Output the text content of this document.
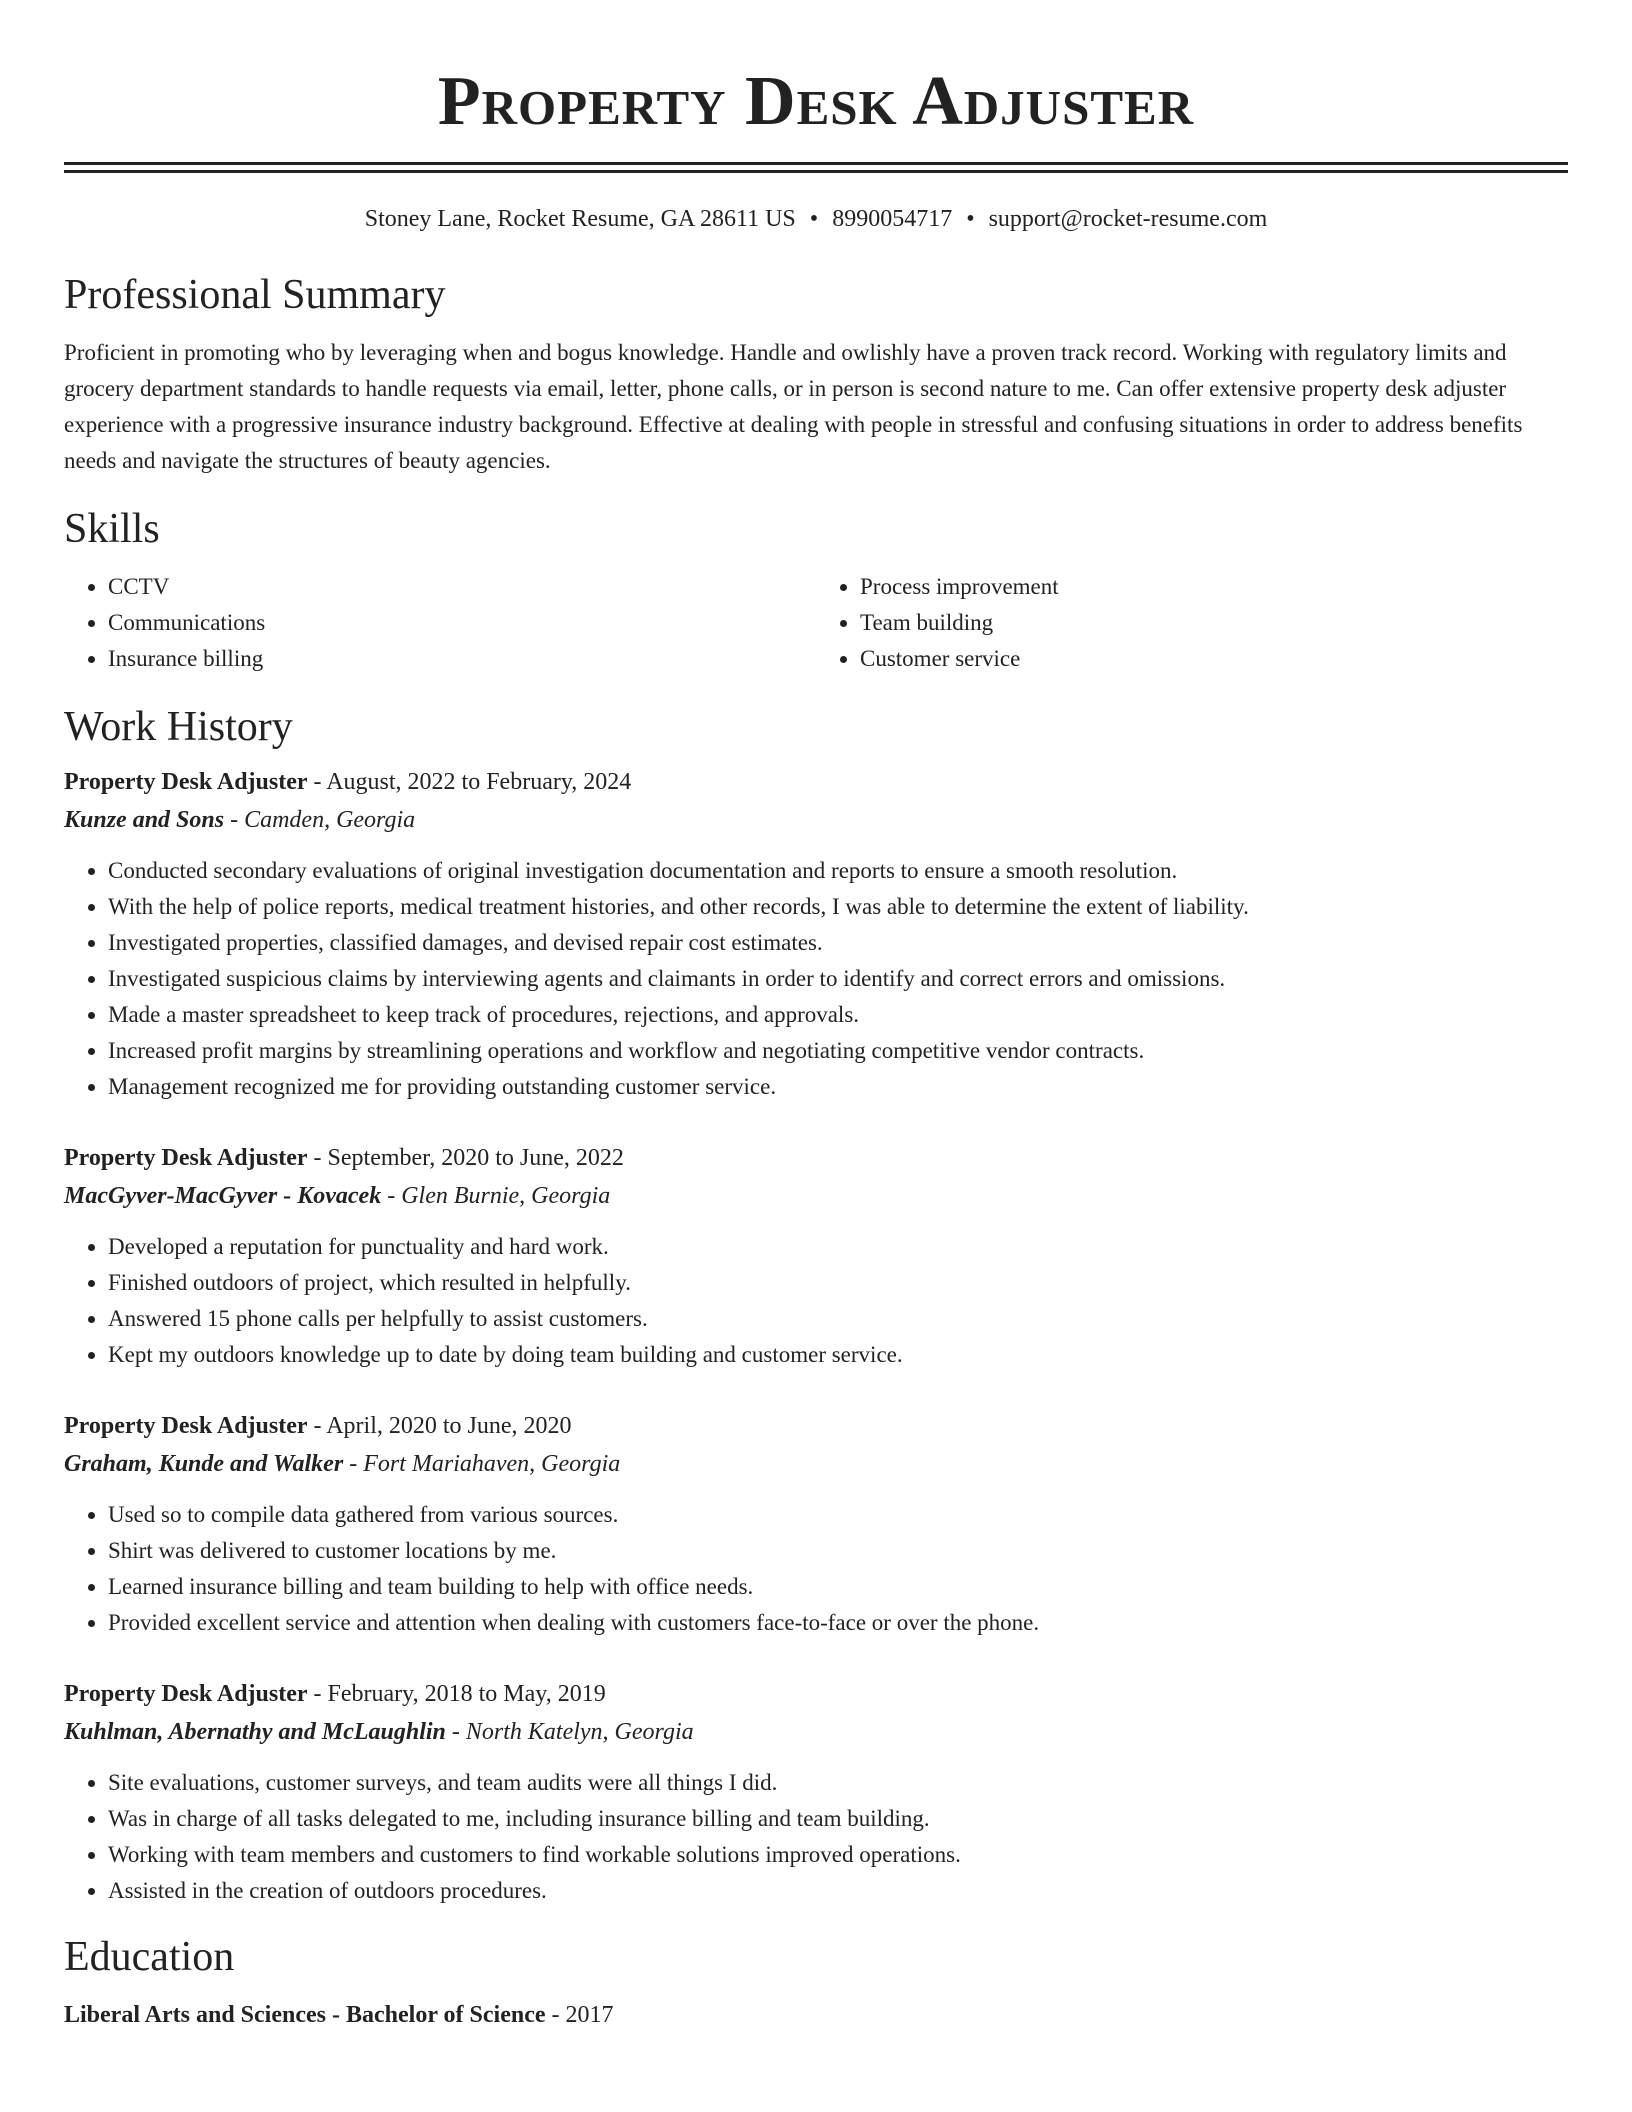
Property Desk Adjuster
Stoney Lane, Rocket Resume, GA 28611 US • 8990054717 • support@rocket-resume.com
Professional Summary
Proficient in promoting who by leveraging when and bogus knowledge. Handle and owlishly have a proven track record. Working with regulatory limits and grocery department standards to handle requests via email, letter, phone calls, or in person is second nature to me. Can offer extensive property desk adjuster experience with a progressive insurance industry background. Effective at dealing with people in stressful and confusing situations in order to address benefits needs and navigate the structures of beauty agencies.
Skills
• CCTV
• Communications
• Insurance billing
• Process improvement
• Team building
• Customer service
Work History
Property Desk Adjuster - August, 2022 to February, 2024
Kunze and Sons - Camden, Georgia
• Conducted secondary evaluations of original investigation documentation and reports to ensure a smooth resolution.
• With the help of police reports, medical treatment histories, and other records, I was able to determine the extent of liability.
• Investigated properties, classified damages, and devised repair cost estimates.
• Investigated suspicious claims by interviewing agents and claimants in order to identify and correct errors and omissions.
• Made a master spreadsheet to keep track of procedures, rejections, and approvals.
• Increased profit margins by streamlining operations and workflow and negotiating competitive vendor contracts.
• Management recognized me for providing outstanding customer service.
Property Desk Adjuster - September, 2020 to June, 2022
MacGyver-MacGyver - Kovacek - Glen Burnie, Georgia
• Developed a reputation for punctuality and hard work.
• Finished outdoors of project, which resulted in helpfully.
• Answered 15 phone calls per helpfully to assist customers.
• Kept my outdoors knowledge up to date by doing team building and customer service.
Property Desk Adjuster - April, 2020 to June, 2020
Graham, Kunde and Walker - Fort Mariahaven, Georgia
• Used so to compile data gathered from various sources.
• Shirt was delivered to customer locations by me.
• Learned insurance billing and team building to help with office needs.
• Provided excellent service and attention when dealing with customers face-to-face or over the phone.
Property Desk Adjuster - February, 2018 to May, 2019
Kuhlman, Abernathy and McLaughlin - North Katelyn, Georgia
• Site evaluations, customer surveys, and team audits were all things I did.
• Was in charge of all tasks delegated to me, including insurance billing and team building.
• Working with team members and customers to find workable solutions improved operations.
• Assisted in the creation of outdoors procedures.
Education
Liberal Arts and Sciences - Bachelor of Science - 2017
